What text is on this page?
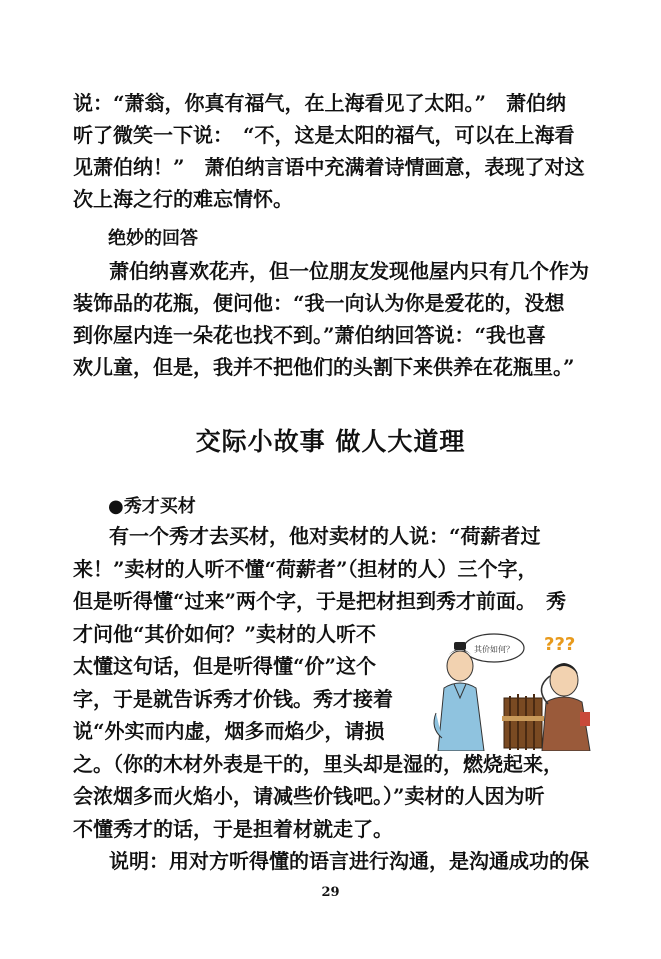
说：“萧翁，你真有福气，在上海看见了太阳。”　萧伯纳
听了微笑一下说：　“不，这是太阳的福气，可以在上海看
见萧伯纳！”　萧伯纳言语中充满着诗情画意，表现了对这
次上海之行的难忘情怀。
绝妙的回答
萧伯纳喜欢花卉，但一位朋友发现他屋内只有几个作为
装饰品的花瓶，便问他：“我一向认为你是爱花的，没想
到你屋内连一朵花也找不到。”萧伯纳回答说：“我也喜
欢儿童，但是，我并不把他们的头割下来供养在花瓶里。”
交际小故事 做人大道理
●秀才买材
有一个秀才去买材，他对卖材的人说：“荷薪者过
来！”卖材的人听不懂“荷薪者”（担材的人）三个字，
但是听得懂“过来”两个字，于是把材担到秀才前面。　秀
才问他“其价如何？”卖材的人听不
太懂这句话，但是听得懂“价”这个
字，于是就告诉秀才价钱。秀才接着
说“外实而内虚，烟多而焰少，请损
之。（你的木材外表是干的，里头却是湿的，燃烧起来，
会浓烟多而火焰小，请减些价钱吧。）”卖材的人因为听
不懂秀才的话，于是担着材就走了。
说明：用对方听得懂的语言进行沟通，是沟通成功的保
其价如何？ ???
29
